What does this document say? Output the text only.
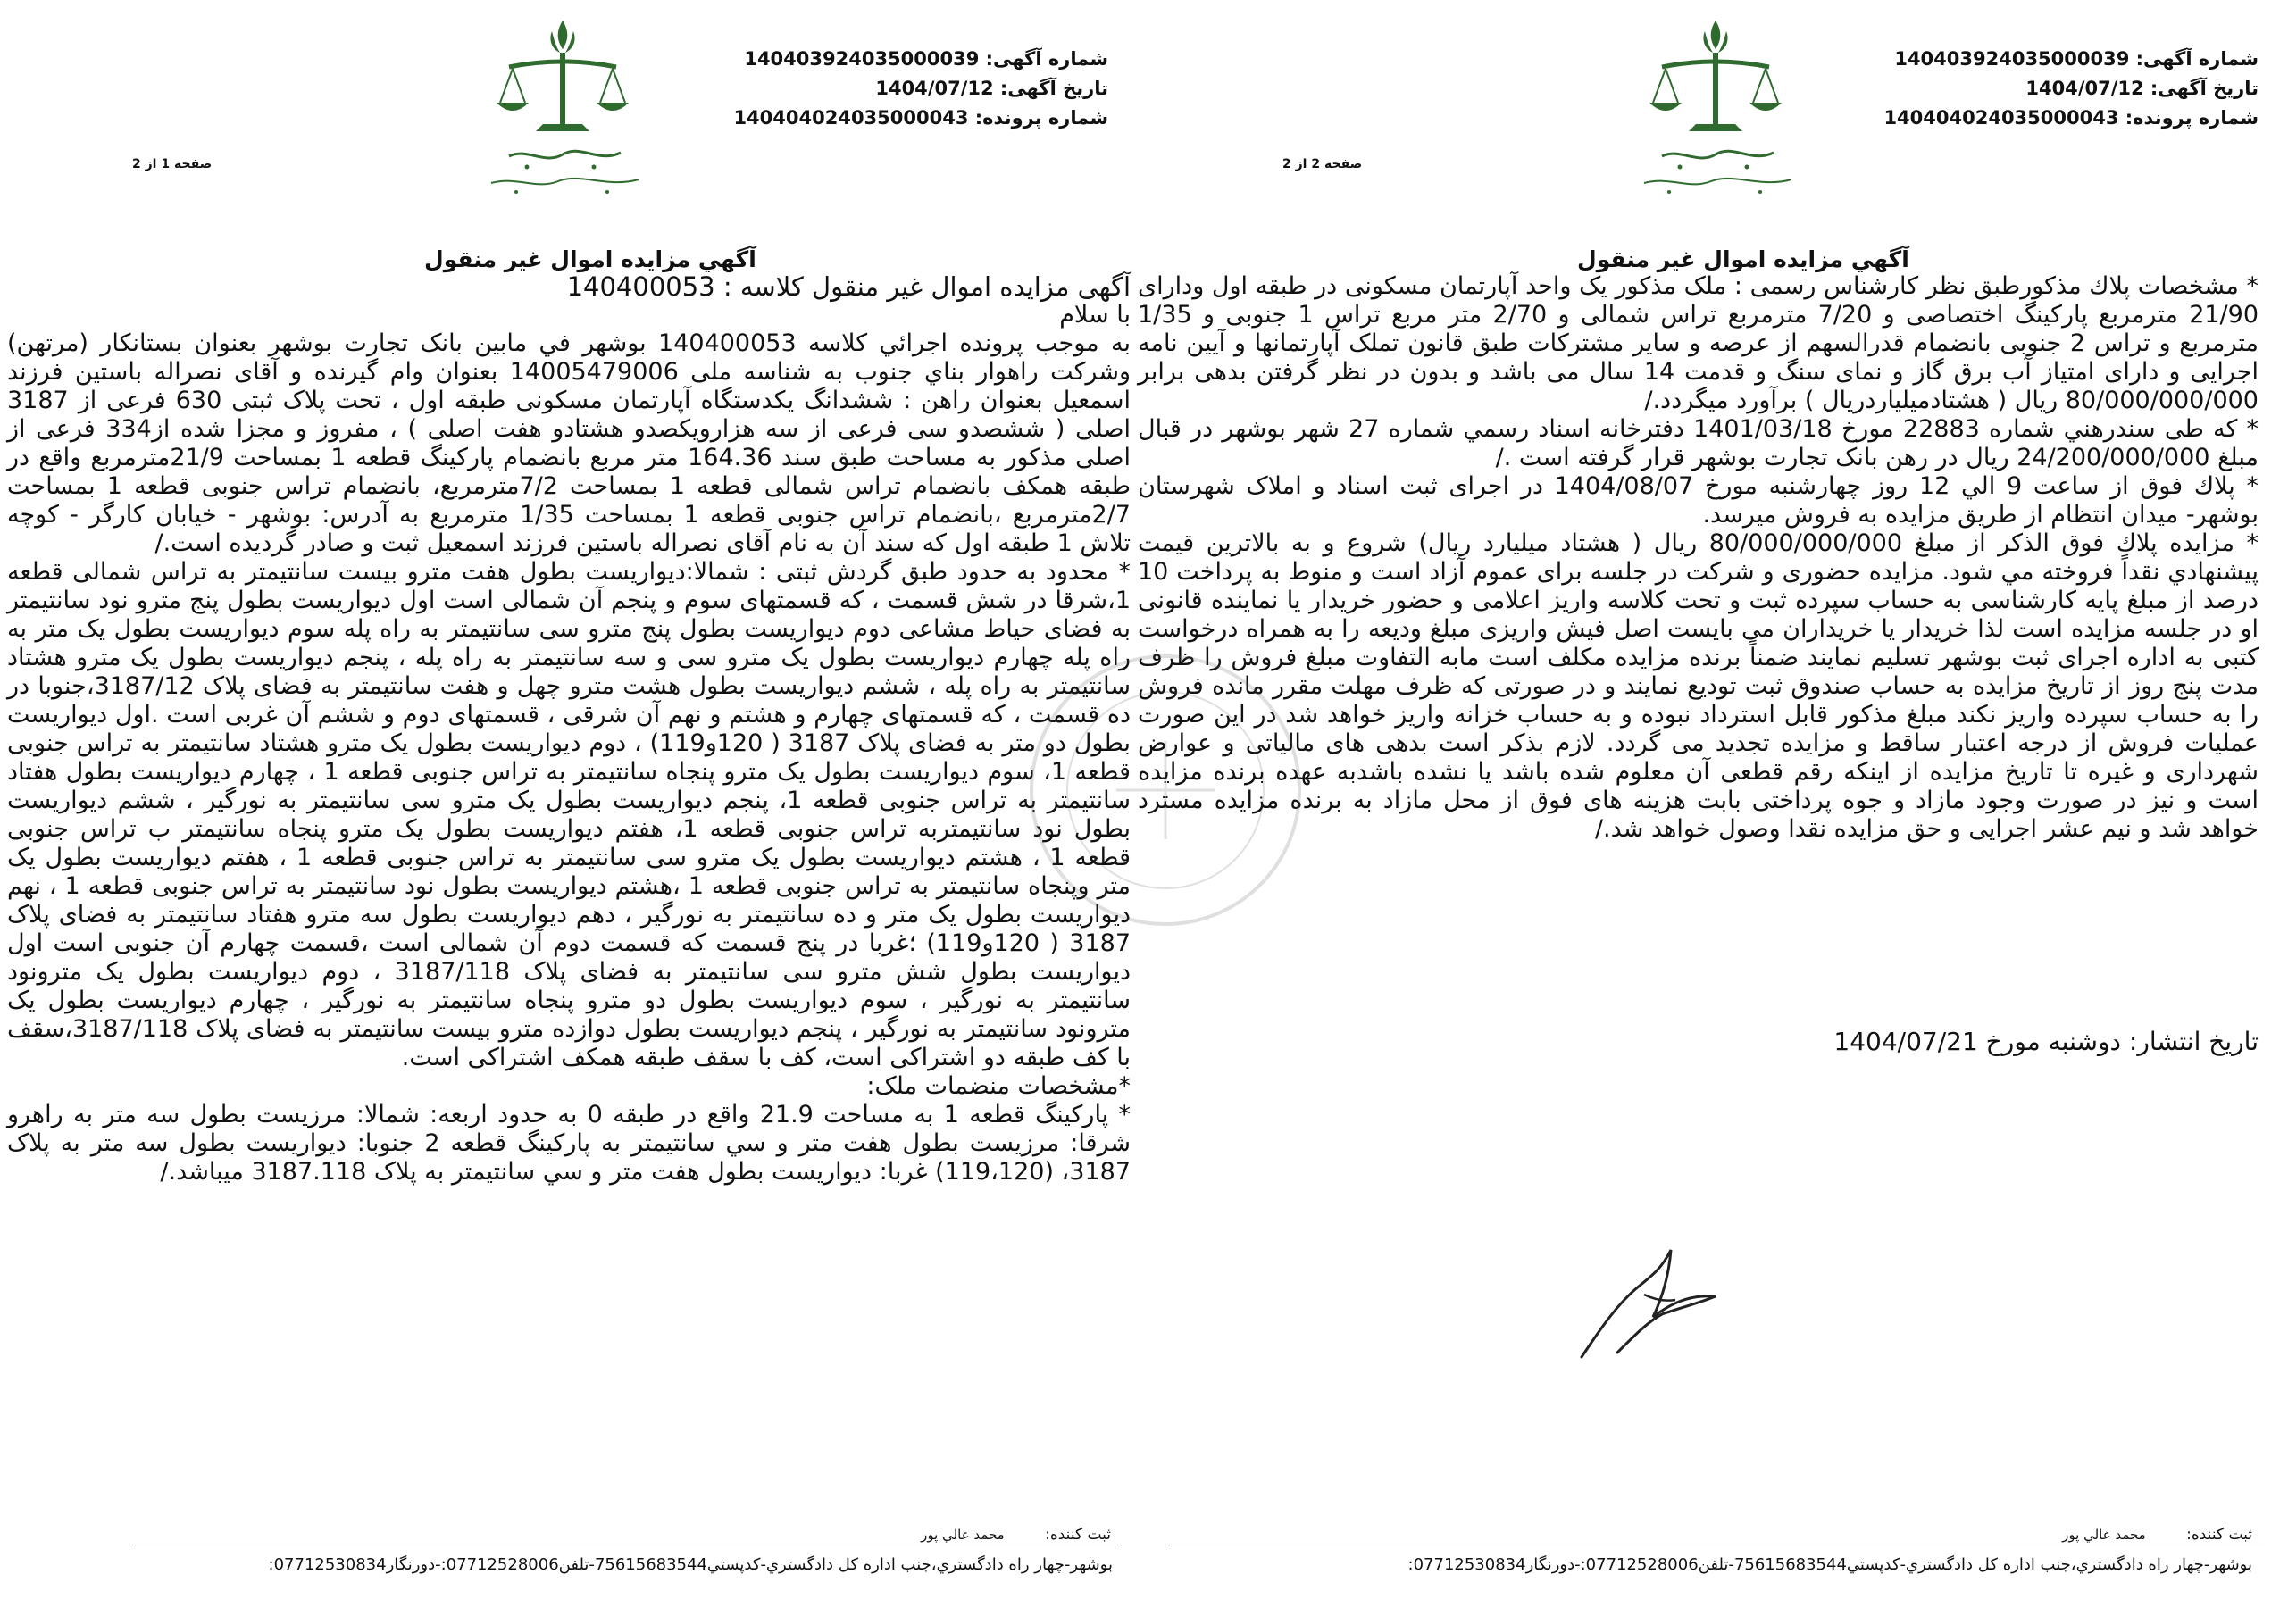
شماره آگهی: 140403924035000039
تاریخ آگهی: 1404/07/12
شماره پرونده: 140404024035000043
صفحه 1 از 2
آگهي مزايده اموال غير منقول

آگهی مزایده اموال غیر منقول کلاسه : 140400053

با سلام

به موجب پرونده اجرائي كلاسه 140400053 بوشهر في مابين بانک تجارت بوشهر بعنوان بستانكار (مرتهن) وشرکت راهوار بناي جنوب به شناسه ملی 14005479006 بعنوان وام گیرنده و آقای نصراله باستين فرزند اسمعیل بعنوان راهن : ششدانگ یکدستگاه آپارتمان مسكونی طبقه اول ، تحت پلاک ثبتی 630 فرعی از 3187 اصلی ( ششصدو سی فرعی از سه هزارویکصدو هشتادو هفت اصلی ) ، مفروز و مجزا شده از334 فرعی از اصلی مذکور به مساحت طبق سند 164.36 متر مربع بانضمام پارکینگ قطعه 1 بمساحت 21/9مترمربع واقع در طبقه همکف بانضمام تراس شمالی قطعه 1 بمساحت 7/2مترمربع، بانضمام تراس جنوبی قطعه 1 بمساحت 2/7مترمربع ،بانضمام تراس جنوبی قطعه 1 بمساحت 1/35 مترمربع به آدرس: بوشهر - خیابان کارگر - کوچه تلاش 1 طبقه اول که سند آن به نام آقای نصراله باستين فرزند اسمعیل ثبت و صادر گردیده است./

* محدود به حدود طبق گردش ثبتی : شمالا:دیواریست بطول هفت مترو بیست سانتیمتر به تراس شمالی قطعه 1،شرقا در شش قسمت ، که قسمتهای سوم و پنجم آن شمالی است اول دیواریست بطول پنج مترو نود سانتیمتر به فضای حیاط مشاعی دوم دیواریست بطول پنج مترو سی سانتیمتر به راه پله سوم دیواریست بطول یک متر به راه پله چهارم دیواریست بطول یک مترو سی و سه سانتیمتر به راه پله ، پنجم دیواریست بطول یک مترو هشتاد سانتیمتر به راه پله ، ششم دیواریست بطول هشت مترو چهل و هفت سانتیمتر به فضای پلاک 3187/12،جنوبا در ده قسمت ، که قسمتهای چهارم و هشتم و نهم آن شرقی ، قسمتهای دوم و ششم آن غربی است .اول دیواریست بطول دو متر به فضای پلاک 3187 ( 120و119) ، دوم دیواریست بطول یک مترو هشتاد سانتیمتر به تراس جنوبی قطعه 1، سوم دیواریست بطول یک مترو پنجاه سانتیمتر به تراس جنوبی قطعه 1 ، چهارم دیواریست بطول هفتاد سانتیمتر به تراس جنوبی قطعه 1، پنجم دیواریست بطول یک مترو سی سانتیمتر به نورگیر ، ششم دیواریست بطول نود سانتیمتربه تراس جنوبی قطعه 1، هفتم دیواریست بطول یک مترو پنجاه سانتیمتر ب تراس جنوبی قطعه 1 ، هشتم دیواریست بطول یک مترو سی سانتیمتر به تراس جنوبی قطعه 1 ، هفتم دیواریست بطول یک متر وپنجاه سانتیمتر به تراس جنوبی قطعه 1 ،هشتم دیواریست بطول نود سانتیمتر به تراس جنوبی قطعه 1 ، نهم دیواریست بطول یک متر و ده سانتیمتر به نورگیر ، دهم دیواریست بطول سه مترو هفتاد سانتیمتر به فضای پلاک 3187 ( 120و119) ؛غربا در پنج قسمت که قسمت دوم آن شمالی است ،قسمت چهارم آن جنوبی است اول دیواریست بطول شش مترو سی سانتیمتر به فضای پلاک 3187/118 ، دوم دیواریست بطول یک مترونود سانتیمتر به نورگیر ، سوم دیواریست بطول دو مترو پنجاه سانتیمتر به نورگیر ، چهارم دیواریست بطول یک مترونود سانتیمتر به نورگیر ، پنجم دیواریست بطول دوازده مترو بیست سانتیمتر به فضای پلاک 3187/118،سقف با کف طبقه دو اشتراکی است، کف با سقف طبقه همکف اشتراکی است.

*مشخصات منضمات ملک:

* پارکینگ قطعه 1 به مساحت 21.9 واقع در طبقه 0 به حدود اربعه: شمالا: مرزیست بطول سه متر به راهرو شرقا: مرزیست بطول هفت متر و سي سانتيمتر به پارکینگ قطعه 2 جنوبا: دیواریست بطول سه متر به پلاک 3187، (119،120) غربا: دیواریست بطول هفت متر و سي سانتيمتر به پلاک 3187.118 میباشد./

ثبت كننده: محمد عالي پور
بوشهر-چهار راه دادگستري،جنب اداره كل دادگستري-كدپستي75615683544-تلفن07712528006:-دورنگار07712530834:
شماره آگهی: 140403924035000039
تاریخ آگهی: 1404/07/12
شماره پرونده: 140404024035000043
صفحه 2 از 2
آگهي مزايده اموال غير منقول

* مشخصات پلاك مذكورطبق نظر كارشناس رسمی : ملک مذکور یک واحد آپارتمان مسکونی در طبقه اول ودارای 21/90 مترمربع پارکینگ اختصاصی و 7/20 مترمربع تراس شمالی و 2/70 متر مربع تراس 1 جنوبی و 1/35 مترمربع و تراس 2 جنوبی بانضمام قدرالسهم از عرصه و سایر مشترکات طبق قانون تملک آپارتمانها و آیین نامه اجرایی و دارای امتیاز آب برق گاز و نمای سنگ و قدمت 14 سال می باشد و بدون در نظر گرفتن بدهی برابر 80/000/000/000 ریال ( هشتادمیلیاردریال ) برآورد میگردد./

* که طی سندرهني شماره 22883 مورخ 1401/03/18 دفترخانه اسناد رسمي شماره 27 شهر بوشهر در قبال مبلغ 24/200/000/000 ريال در رهن بانک تجارت بوشهر قرار گرفته است ./

* پلاك فوق از ساعت 9 الي 12 روز چهارشنبه مورخ 1404/08/07 در اجرای ثبت اسناد و املاک شهرستان بوشهر- میدان انتظام از طريق مزايده به فروش ميرسد.

* مزايده پلاك فوق الذكر از مبلغ 80/000/000/000 ریال ( هشتاد میلیارد ریال) شروع و به بالاترين قيمت پيشنهادي نقداً فروخته مي شود. مزایده حضوری و شرکت در جلسه برای عموم آزاد است و منوط به پرداخت 10 درصد از مبلغ پایه کارشناسی به حساب سپرده ثبت و تحت کلاسه واریز اعلامی و حضور خریدار یا نماینده قانونی او در جلسه مزایده است لذا خریدار یا خریداران می بایست اصل فیش واریزی مبلغ ودیعه را به همراه درخواست کتبی به اداره اجرای ثبت بوشهر تسلیم نمایند ضمناً برنده مزایده مکلف است مابه التفاوت مبلغ فروش را ظرف مدت پنج روز از تاریخ مزایده به حساب صندوق ثبت تودیع نمایند و در صورتی که ظرف مهلت مقرر مانده فروش را به حساب سپرده واریز نکند مبلغ مذکور قابل استرداد نبوده و به حساب خزانه واریز خواهد شد در این صورت عملیات فروش از درجه اعتبار ساقط و مزایده تجدید می گردد. لازم بذکر است بدهی های مالیاتی و عوارض شهرداری و غیره تا تاریخ مزایده از اینکه رقم قطعی آن معلوم شده باشد یا نشده باشدبه عهده برنده مزایده است و نیز در صورت وجود مازاد و جوه پرداختی بابت هزینه های فوق از محل مازاد به برنده مزایده مسترد خواهد شد و نیم عشر اجرایی و حق مزایده نقدا وصول خواهد شد./

تاریخ انتشار: دوشنبه مورخ 1404/07/21
ثبت كننده: محمد عالي پور
بوشهر-چهار راه دادگستري،جنب اداره كل دادگستري-كدپستي75615683544-تلفن07712528006:-دورنگار07712530834:
